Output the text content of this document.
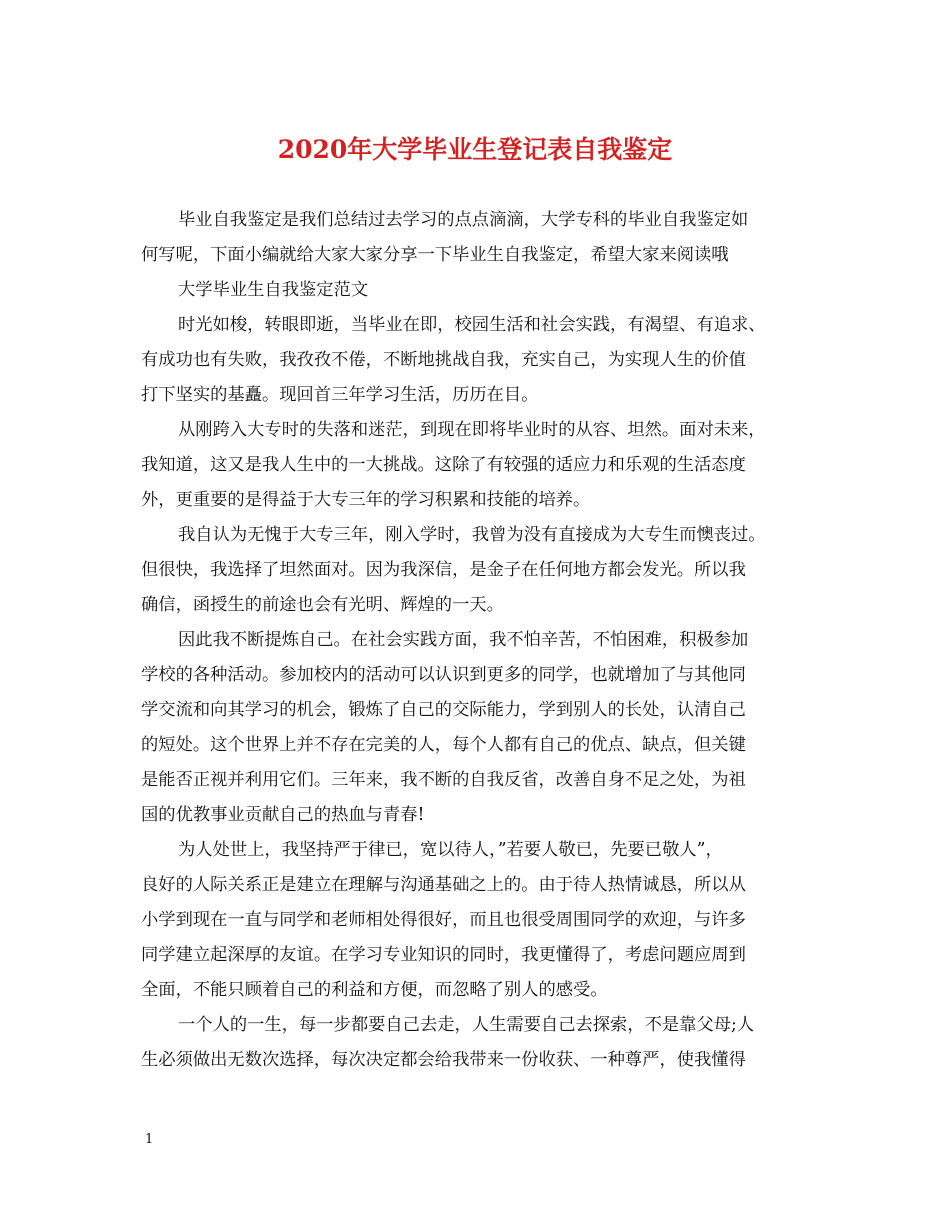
2020年大学毕业生登记表自我鉴定
毕业自我鉴定是我们总结过去学习的点点滴滴，大学专科的毕业自我鉴定如
何写呢，下面小编就给大家大家分享一下毕业生自我鉴定，希望大家来阅读哦
大学毕业生自我鉴定范文
时光如梭，转眼即逝，当毕业在即，校园生活和社会实践，有渴望、有追求、
有成功也有失败，我孜孜不倦，不断地挑战自我，充实自己，为实现人生的价值
打下坚实的基矗。现回首三年学习生活，历历在目。
从刚跨入大专时的失落和迷茫，到现在即将毕业时的从容、坦然。面对未来，
我知道，这又是我人生中的一大挑战。这除了有较强的适应力和乐观的生活态度
外，更重要的是得益于大专三年的学习积累和技能的培养。
我自认为无愧于大专三年，刚入学时，我曾为没有直接成为大专生而懊丧过。
但很快，我选择了坦然面对。因为我深信，是金子在任何地方都会发光。所以我
确信，函授生的前途也会有光明、辉煌的一天。
因此我不断提炼自己。在社会实践方面，我不怕辛苦，不怕困难，积极参加
学校的各种活动。参加校内的活动可以认识到更多的同学，也就增加了与其他同
学交流和向其学习的机会，锻炼了自己的交际能力，学到别人的长处，认清自己
的短处。这个世界上并不存在完美的人，每个人都有自己的优点、缺点，但关键
是能否正视并利用它们。三年来，我不断的自我反省，改善自身不足之处，为祖
国的优教事业贡献自己的热血与青春!
为人处世上，我坚持严于律已，宽以待人，”若要人敬已，先要已敬人”，
良好的人际关系正是建立在理解与沟通基础之上的。由于待人热情诚恳，所以从
小学到现在一直与同学和老师相处得很好，而且也很受周围同学的欢迎，与许多
同学建立起深厚的友谊。在学习专业知识的同时，我更懂得了，考虑问题应周到
全面，不能只顾着自己的利益和方便，而忽略了别人的感受。
一个人的一生，每一步都要自己去走，人生需要自己去探索，不是靠父母;人
生必须做出无数次选择，每次决定都会给我带来一份收获、一种尊严，使我懂得
1
